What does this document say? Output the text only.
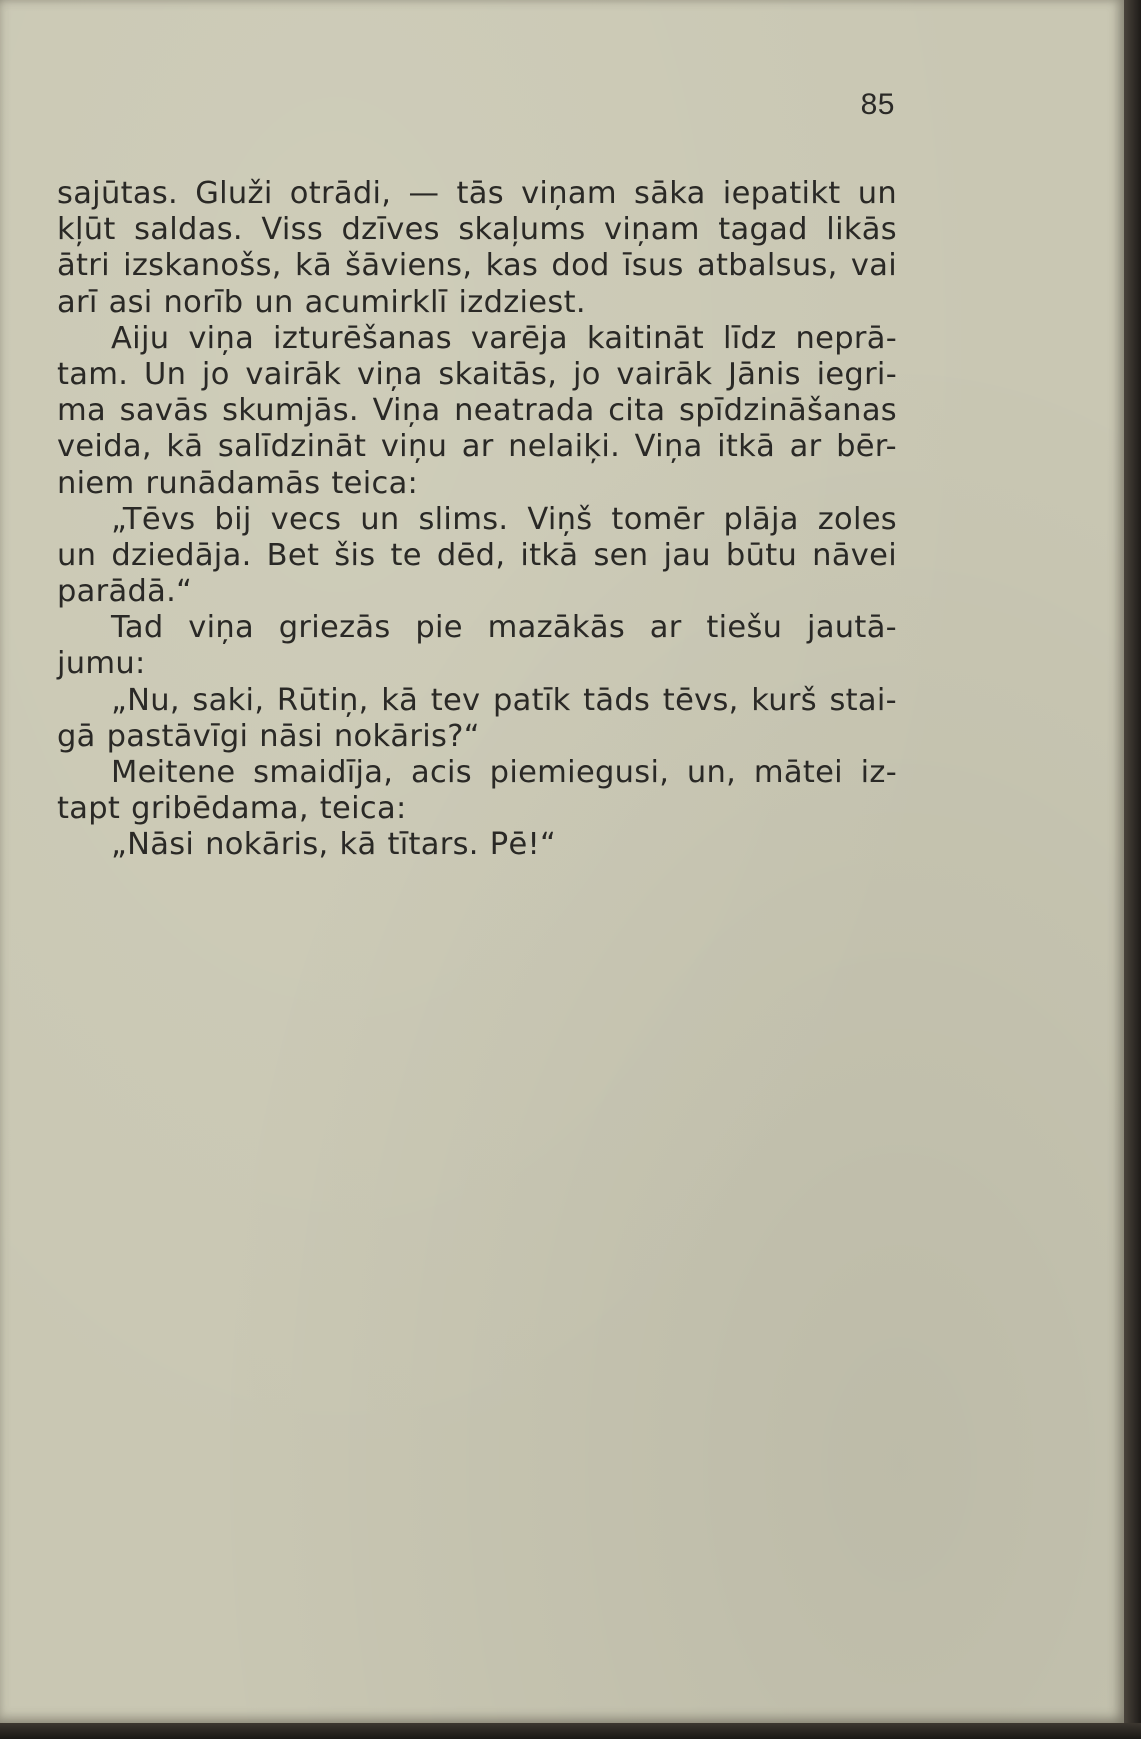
85
sajūtas. Gluži otrādi, — tās viņam sāka iepatikt un
kļūt saldas. Viss dzīves skaļums viņam tagad likās
ātri izskanošs, kā šāviens, kas dod īsus atbalsus, vai
arī asi norīb un acumirklī izdziest.
Aiju viņa izturēšanas varēja kaitināt līdz neprā-
tam. Un jo vairāk viņa skaitās, jo vairāk Jānis iegri-
ma savās skumjās. Viņa neatrada cita spīdzināšanas
veida, kā salīdzināt viņu ar nelaiķi. Viņa itkā ar bēr-
niem runādamās teica:
„Tēvs bij vecs un slims. Viņš tomēr plāja zoles
un dziedāja. Bet šis te dēd, itkā sen jau būtu nāvei
parādā.“
Tad viņa griezās pie mazākās ar tiešu jautā-
jumu:
„Nu, saki, Rūtiņ, kā tev patīk tāds tēvs, kurš stai-
gā pastāvīgi nāsi nokāris?“
Meitene smaidīja, acis piemiegusi, un, mātei iz-
tapt gribēdama, teica:
„Nāsi nokāris, kā tītars. Pē!“
